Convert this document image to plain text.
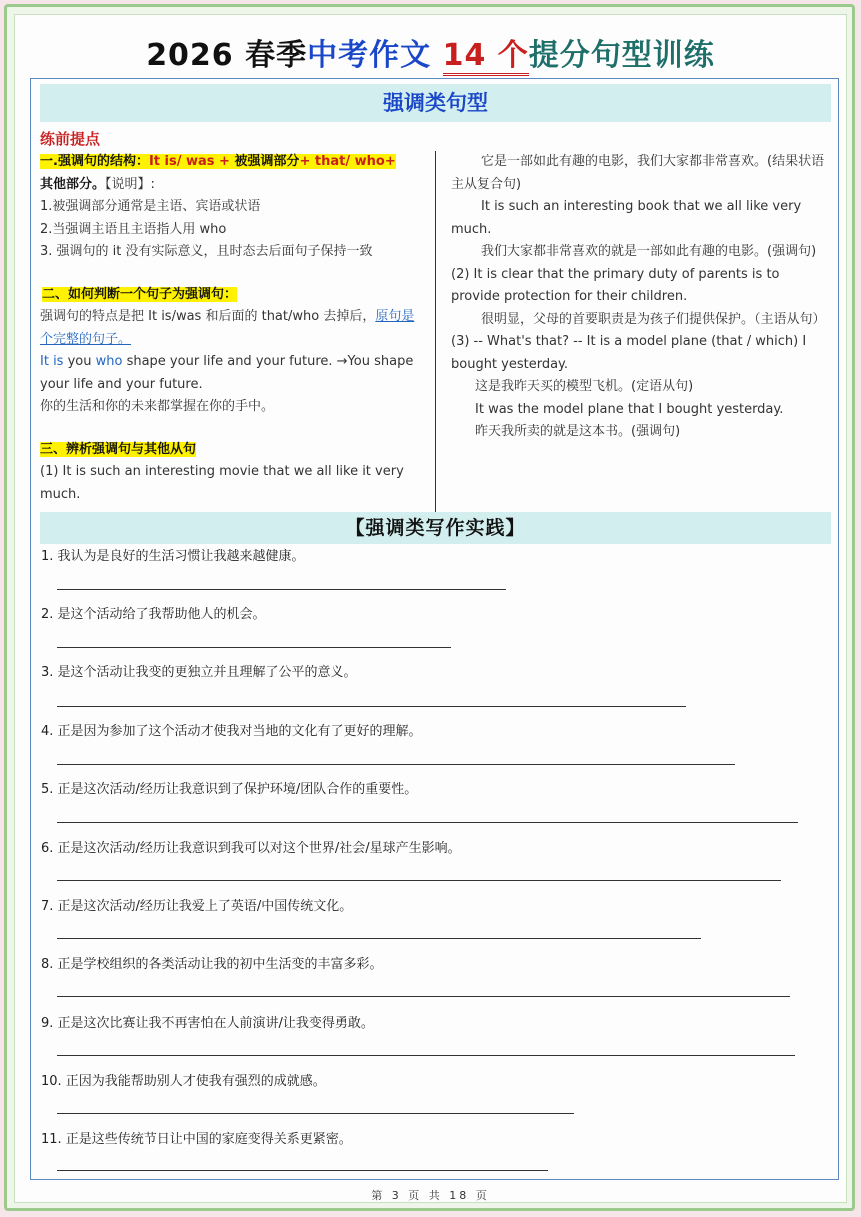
2026 春季中考作文 14 个提分句型训练
强调类句型

练前提点

一.强调句的结构：It is/ was + 被强调部分+ that/ who+

其他部分。【说明】:

1.被强调部分通常是主语、宾语或状语

2.当强调主语且主语指人用 who

3. 强调句的 it 没有实际意义，且时态去后面句子保持一致

二、如何判断一个句子为强调句：

强调句的特点是把 It is/was 和后面的 that/who 去掉后，原句是个完整的句子。

It is you who shape your life and your future. →You shape your life and your future.

你的生活和你的未来都掌握在你的手中。

三、辨析强调句与其他从句

(1) It is such an interesting movie that we all like it very much.

它是一部如此有趣的电影，我们大家都非常喜欢。(结果状语主从复合句)

It is such an interesting book that we all like very much.

我们大家都非常喜欢的就是一部如此有趣的电影。(强调句)

(2) It is clear that the primary duty of parents is to provide protection for their children.

很明显，父母的首要职责是为孩子们提供保护。（主语从句）

(3) -- What's that? -- It is a model plane (that / which) I bought yesterday.

这是我昨天买的模型飞机。(定语从句)

It was the model plane that I bought yesterday.

昨天我所卖的就是这本书。(强调句)

【强调类写作实践】
1. 我认为是良好的生活习惯让我越来越健康。
2. 是这个活动给了我帮助他人的机会。
3. 是这个活动让我变的更独立并且理解了公平的意义。
4. 正是因为参加了这个活动才使我对当地的文化有了更好的理解。
5. 正是这次活动/经历让我意识到了保护环境/团队合作的重要性。
6. 正是这次活动/经历让我意识到我可以对这个世界/社会/星球产生影响。
7. 正是这次活动/经历让我爱上了英语/中国传统文化。
8. 正是学校组织的各类活动让我的初中生活变的丰富多彩。
9. 正是这次比赛让我不再害怕在人前演讲/让我变得勇敢。
10. 正因为我能帮助别人才使我有强烈的成就感。
11. 正是这些传统节日让中国的家庭变得关系更紧密。
第 3 页 共 18 页
